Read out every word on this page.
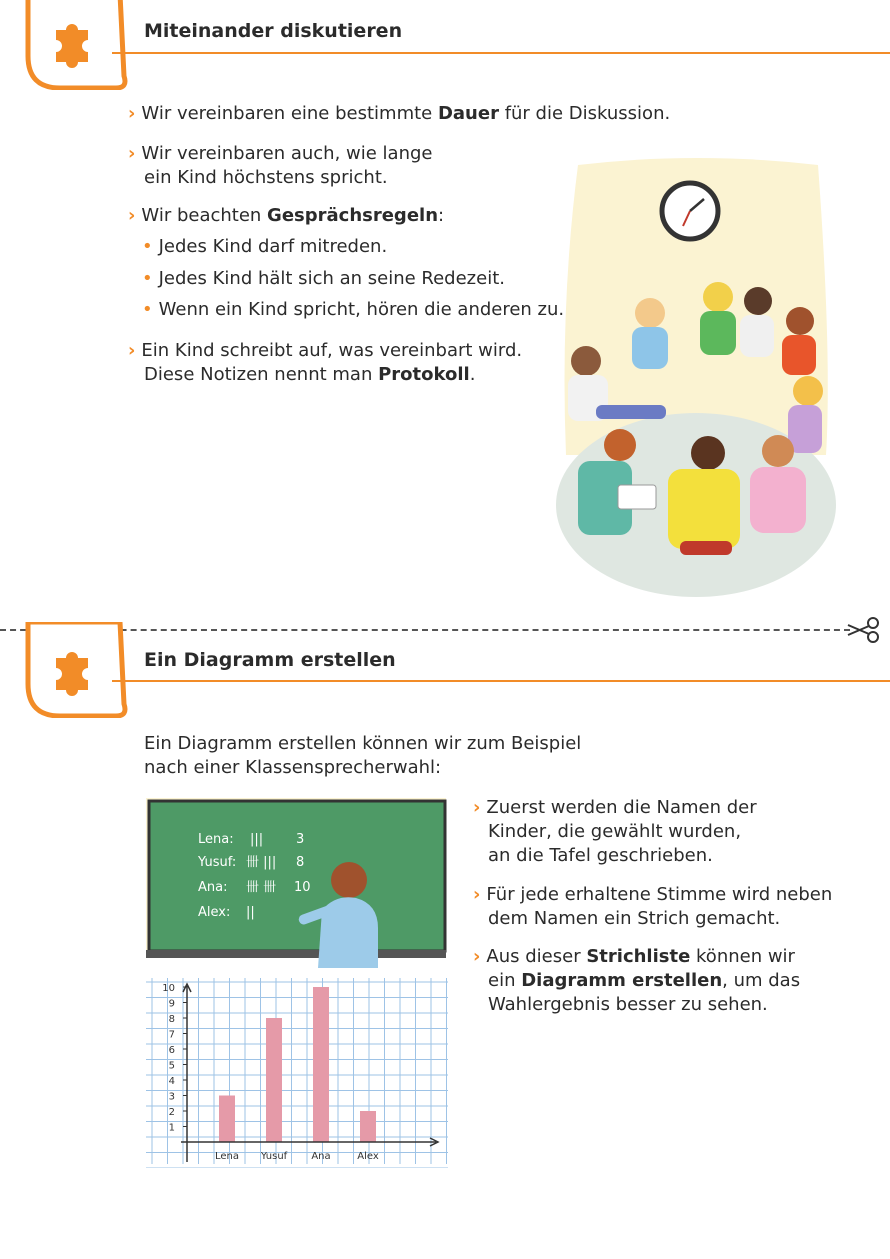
Miteinander diskutieren
› Wir vereinbaren eine bestimmte Dauer für die Diskussion.
› Wir vereinbaren auch, wie lange
ein Kind höchstens spricht.
› Wir beachten Gesprächsregeln:
• Jedes Kind darf mitreden.
• Jedes Kind hält sich an seine Redezeit.
• Wenn ein Kind spricht, hören die anderen zu.
› Ein Kind schreibt auf, was vereinbart wird.
Diese Notizen nennt man Protokoll.
Ein Diagramm erstellen
Ein Diagramm erstellen können wir zum Beispiel
nach einer Klassensprecherwahl:
Lena: |||	3
Yusuf: 卌 ||| 8
Ana: 卌 卌 10
Alex: ||
Lena Yusuf Ana	Alex
1
2
3
4
5
6
7
8
9
10
› Zuerst werden die Namen der
Kinder, die gewählt wurden,
an die Tafel geschrieben.
› Für jede erhaltene Stimme wird neben
dem Namen ein Strich gemacht.
› Aus dieser Strichliste können wir
ein Diagramm erstellen, um das
Wahlergebnis besser zu sehen.
